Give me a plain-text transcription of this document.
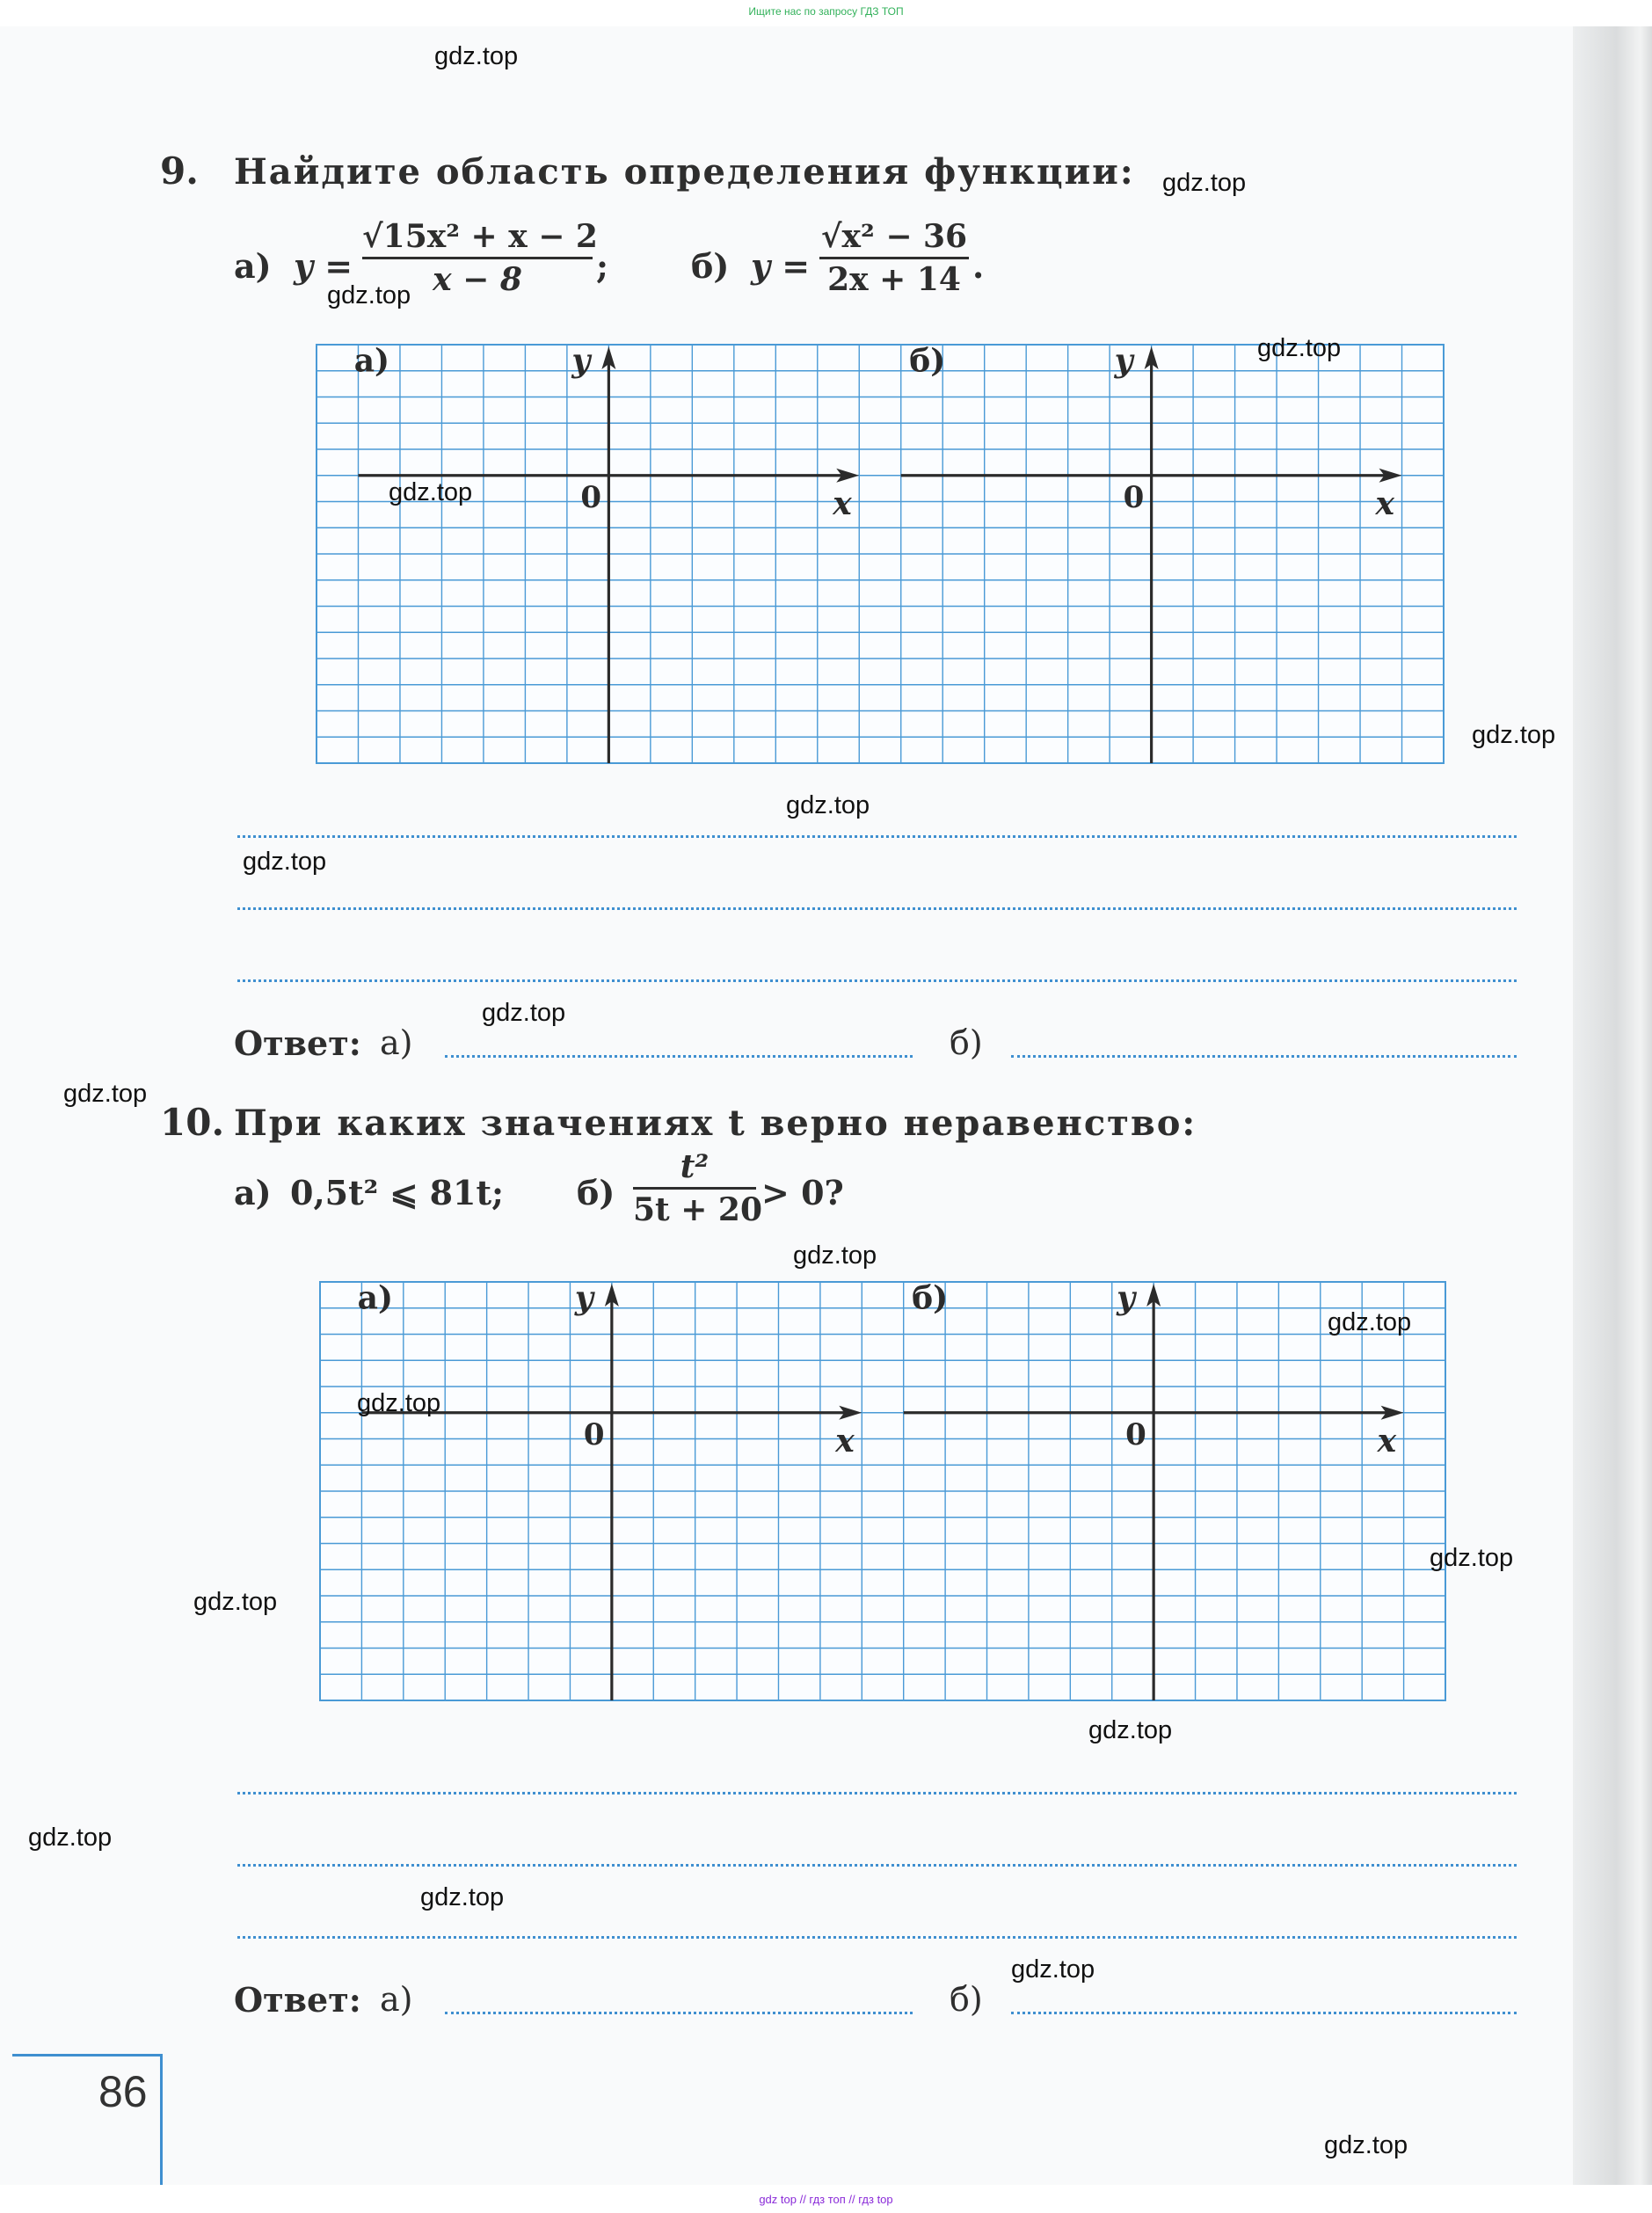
Ищите нас по запросу ГДЗ ТОП
9. Найдите область определения функции:
а) y =
√15x² + x − 2
x − 8	; б) y =
√x² − 36
2x + 14 .
а)	y
x
0
б)	y
x
0
Ответ: а)	б)
10. При каких значениях t верно неравенство:
а) 0,5t² ⩽ 81t; б)
t²
5t + 20
> 0?
а)	y
x
0
б)	y
x
0
Ответ: а)	б)
86
gdz.top
gdz.top
gdz.top
gdz.top
gdz.top
gdz.top
gdz.top
gdz.top
gdz.top
gdz.top
gdz.top
gdz.top
gdz.top
gdz.top
gdz.top
gdz.top
gdz.top
gdz.top
gdz.top
gdz.top
gdz top // гдз топ // гдз top
